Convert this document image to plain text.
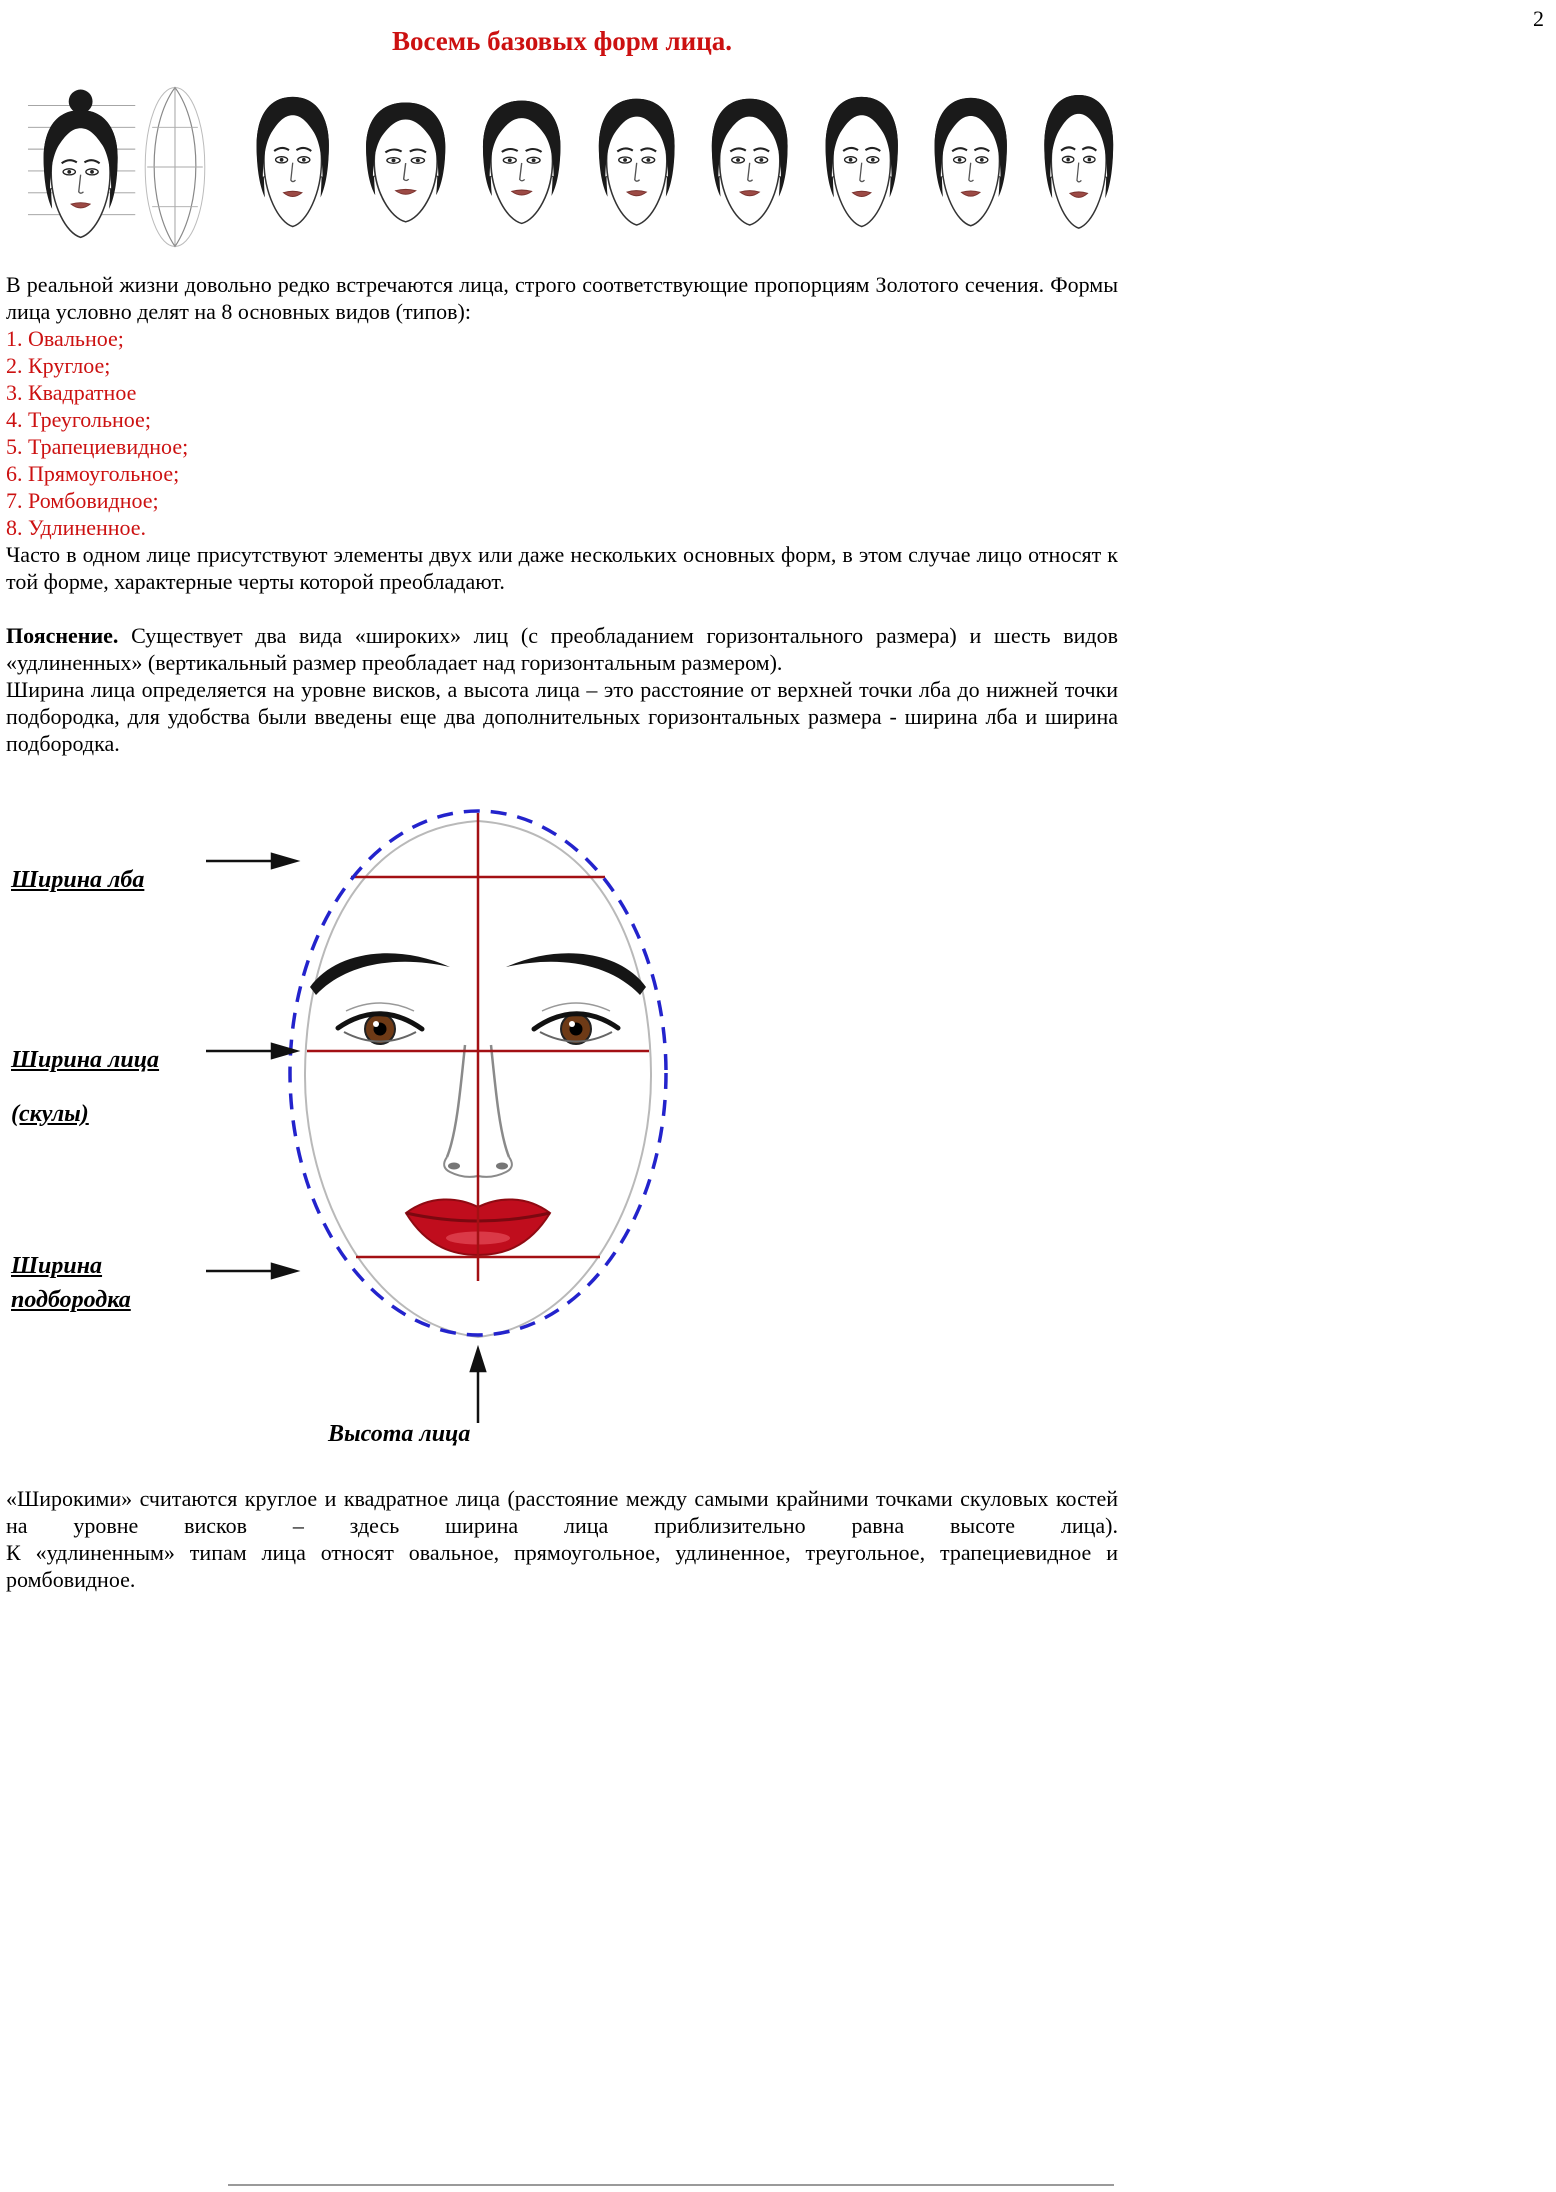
2
Восемь базовых форм лица.

В реальной жизни довольно редко встречаются лица, строго соответствующие пропорциям Золотого сечения. Формы лица условно делят на 8 основных видов (типов):

1. Овальное;
2. Круглое;
3. Квадратное
4. Треугольное;
5. Трапециевидное;
6. Прямоугольное;
7. Ромбовидное;
8. Удлиненное.

Часто в одном лице присутствуют элементы двух или даже нескольких основных форм, в этом случае лицо относят к той форме, характерные черты которой преобладают.

Пояснение. Существует два вида «широких» лиц (с преобладанием горизонтального размера) и шесть видов «удлиненных» (вертикальный размер преобладает над горизонтальным размером).

Ширина лица определяется на уровне висков, а высота лица – это расстояние от верхней точки лба до нижней точки подбородка, для удобства были введены еще два дополнительных горизонтальных размера - ширина лба и ширина подбородка.

Ширина лба
Ширина лица
(скулы)
Ширина
подбородка
Высота лица

«Широкими» считаются круглое и квадратное лица (расстояние между самыми крайними точками скуловых костей на уровне висков – здесь ширина лица приблизительно равна высоте лица).

К «удлиненным» типам лица относят овальное, прямоугольное, удлиненное, треугольное, трапециевидное и ромбовидное.
